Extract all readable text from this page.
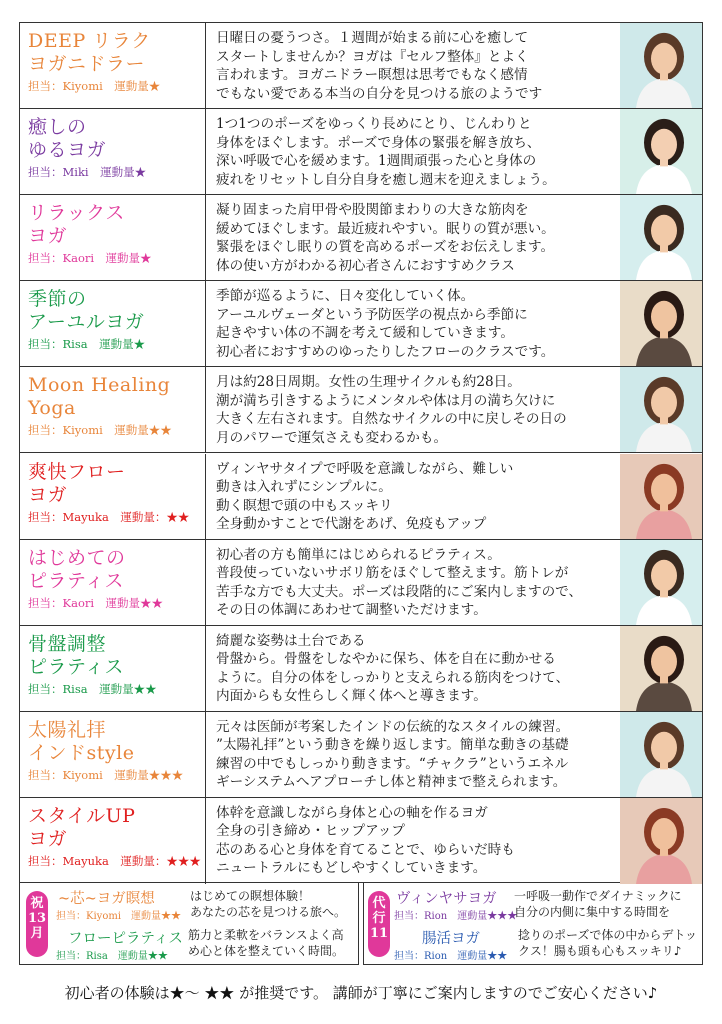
DEEP リラク
ヨガニドラー
担当：Kiyomi　 運動量★
日曜日の憂うつさ。１週間が始まる前に心を癒して
スタートしませんか？ヨガは『セルフ整体』とよく
言われます。ヨガニドラー瞑想は思考でもなく感情
でもない愛である本当の自分を見つける旅のようです
癒しの
ゆるヨガ
担当：Miki　 運動量★
1つ1つのポーズをゆっくり長めにとり、じんわりと
身体をほぐします。ポーズで身体の緊張を解き放ち、
深い呼吸で心を緩めます。1週間頑張った心と身体の
疲れをリセットし自分自身を癒し週末を迎えましょう。
リラックス
ヨガ
担当：Kaori　 運動量★
凝り固まった肩甲骨や股関節まわりの大きな筋肉を
緩めてほぐします。最近疲れやすい。眠りの質が悪い。
緊張をほぐし眠りの質を高めるポーズをお伝えします。
体の使い方がわかる初心者さんにおすすめクラス
季節の
アーユルヨガ
担当：Risa　 運動量★
季節が巡るように、日々変化していく体。
アーユルヴェーダという予防医学の視点から季節に
起きやすい体の不調を考えて緩和していきます。
初心者におすすめのゆったりしたフローのクラスです。
Moon Healing
Yoga
担当：Kiyomi　 運動量★★
月は約28日周期。女性の生理サイクルも約28日。
潮が満ち引きするようにメンタルや体は月の満ち欠けに
大きく左右されます。自然なサイクルの中に戻しその日の
月のパワーで運気さえも変わるかも。
爽快フロー
ヨガ
担当：Mayuka　 運動量：★★
ヴィンヤサタイプで呼吸を意識しながら、難しい
動きは入れずにシンプルに。
動く瞑想で頭の中もスッキリ
全身動かすことで代謝をあげ、免疫もアップ
はじめての
ピラティス
担当：Kaori　 運動量★★
初心者の方も簡単にはじめられるピラティス。
普段使っていないサボリ筋をほぐして整えます。筋トレが
苦手な方でも大丈夫。ポーズは段階的にご案内しますので、
その日の体調にあわせて調整いただけます。
骨盤調整
ピラティス
担当：Risa　 運動量★★
綺麗な姿勢は土台である
骨盤から。骨盤をしなやかに保ち、体を自在に動かせる
ように。自分の体をしっかりと支えられる筋肉をつけて、
内面からも女性らしく輝く体へと導きます。
太陽礼拝
インドstyle
担当：Kiyomi　 運動量★★★
元々は医師が考案したインドの伝統的なスタイルの練習。
”太陽礼拝”という動きを繰り返します。簡単な動きの基礎
練習の中でもしっかり動きます。“チャクラ”というエネル
ギーシステムへアプローチし体と精神まで整えられます。
スタイルUP
ヨガ
担当：Mayuka　 運動量：★★★
体幹を意識しながら身体と心の軸を作るヨガ
全身の引き締め・ヒップアップ
芯のある心と身体を育てることで、ゆらいだ時も
ニュートラルにもどしやすくしていきます。
祝
13
月
~芯~ヨガ瞑想
担当：Kiyomi　運動量★★
はじめての瞑想体験！
あなたの芯を見つける旅へ。
フローピラティス
担当：Risa　運動量★★
筋力と柔軟をバランスよく高
め心と体を整えていく時間。
代
行
11
ヴィンヤサヨガ
担当：Rion　運動量★★★
一呼吸一動作でダイナミックに
自分の内側に集中する時間を
腸活ヨガ
担当：Rion　運動量★★
捻りのポーズで体の中からデトッ
クス！腸も頭も心もスッキリ♪
初心者の体験は★〜 ★★ が推奨です。 講師が丁寧にご案内しますのでご安心ください♪
